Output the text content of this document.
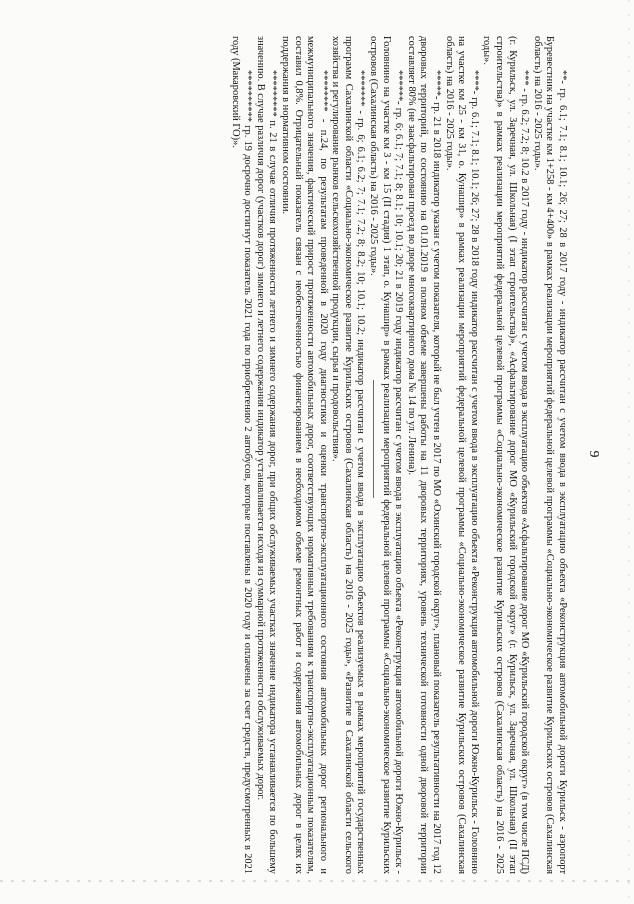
9

**- гр. 6.1; 7.1; 8.1; 10.1; 26; 27; 28 в 2017 году - индикатор рассчитан с учетом ввода в эксплуатацию объекта «Реконструкция автомобильной дороги Курильск - аэропорт Буревестник на участке км 1+258 - км 4+400» в рамках реализации мероприятий федеральной целевой программы «Социально-экономическое развитие Курильских островов (Сахалинская область) на 2016 - 2025 годы».

*** - гр. 6.2; 7.2; 8; 10.2 в 2017 году - индикатор рассчитан с учетом ввода в эксплуатацию объектов «Асфальтирование дорог МО «Курильский городской округ» (в том числе ПСД) (г. Курильск, ул. Заречная, ул. Школьная) (I этап строительства)», «Асфальтирование дорог МО «Курильский городской округ» (г. Курильск, ул. Заречная, ул. Школьная) (II этап строительства)» в рамках реализации мероприятий федеральной целевой программы «Социально-экономическое развитие Курильских островов (Сахалинская область) на 2016 - 2025 годы».

****- гр. 6.1; 7.1; 8.1; 10.1; 26; 27; 28 в 2018 году индикатор рассчитан с учетом ввода в эксплуатацию объекта «Реконструкция автомобильной дороги Южно-Курильск - Головнино на участке км 25 - км 31, о. Кунашир» в рамках реализации мероприятий федеральной целевой программы «Социально-экономическое развитие Курильских островов (Сахалинская область) на 2016 - 2025 годы».

*****- гр. 21 в 2018 индикатор указан с учетом показателя, который не был учтен в 2017 по МО «Охинский городской округ», плановый показатель результативности на 2017 год 12 дворовых территорий, по состоянию на 01.01.2019 в полном объеме завершены работы на 11 дворовых территориях, уровень технической готовности одной дворовой территории составляет 80% (не заасфальтирован проезд во дворе многоквартирного дома № 14 по ул. Ленина).

******- гр. 6; 6.1; 7; 7.1; 8; 8.1; 10; 10.1; 20; 21 в 2019 году индикатор рассчитан с учетом ввода в эксплуатацию объекта «Реконструкция автомобильной дороги Южно-Курильск - Головнино на участке км 3 - км 15 (II стадия) 1 этап, о. Кунашир» в рамках реализации мероприятий федеральной целевой программы «Социально-экономическое развитие Курильских островов (Сахалинская область) на 2016 - 2025 годы».

******* - гр. 6; 6.1; 6.2; 7; 7.1; 7.2; 8; 8.2; 10; 10.1; 10.2; индикатор рассчитан с учетом ввода в эксплуатацию объектов реализуемых в рамках мероприятий государственных программ Сахалинской области «Социально-экономическое развитие Курильских островов (Сахалинская область) на 2016 - 2025 годы», «Развитие в Сахалинской области сельского хозяйства и регулирование рынков сельскохозяйственной продукции, сырья и продовольствия».

******** - п.24, по результатам проведенной в 2020 году диагностики и оценки транспортно-эксплуатационного состояния автомобильных дорог регионального и межмуниципального значения, фактический прирост протяженности автомобильных дорог, соответствующих нормативным требованиям к транспортно-эксплуатационным показателям, составил 0,8%. Отрицательный показатель связан с необеспеченностью финансированием в необходимом объеме ремонтных работ и содержания автомобильных дорог в целях их поддержания в нормативном состоянии.

********* п. 21 в случае отличия протяженности летнего и зимнего содержания дорог, при общих обслуживаемых участках значение индикатора устанавливается по большему значению. В случае различия дорог (участков дорог) зимнего и летнего содержания индикатор устанавливается исходя из суммарной протяженности обслуживаемых дорог.

********** гр. 19 досрочно достигнут показатель 2021 года по приобретению 2 автобусов, которые поставлены в 2020 году и оплачены за счет средств, предусмотренных в 2021 году (Макаровский ГО)».
